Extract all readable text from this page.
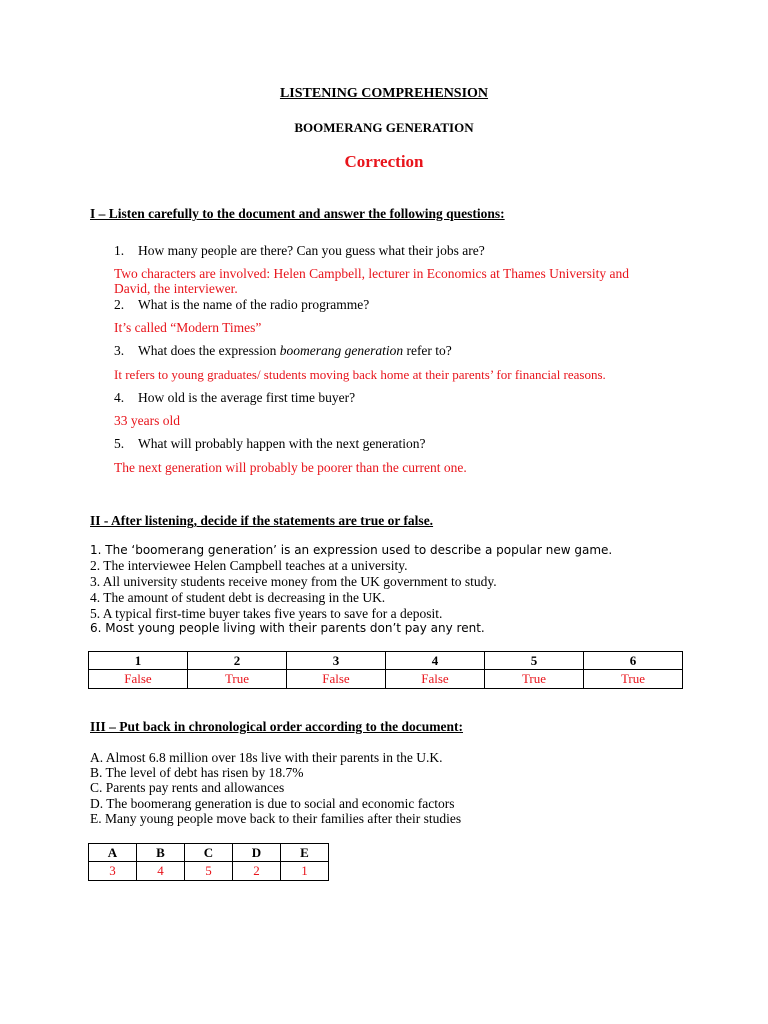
LISTENING COMPREHENSION
BOOMERANG GENERATION
Correction
I – Listen carefully to the document and answer the following questions:
1. How many people are there? Can you guess what their jobs are?
Two characters are involved: Helen Campbell, lecturer in Economics at Thames University and
David, the interviewer.
2. What is the name of the radio programme?
It’s called “Modern Times”
3. What does the expression boomerang generation refer to?
It refers to young graduates/ students moving back home at their parents’ for financial reasons.
4. How old is the average first time buyer?
33 years old
5. What will probably happen with the next generation?
The next generation will probably be poorer than the current one.
II - After listening, decide if the statements are true or false.
1. The ‘boomerang generation’ is an expression used to describe a popular new game.
2. The interviewee Helen Campbell teaches at a university.
3. All university students receive money from the UK government to study.
4. The amount of student debt is decreasing in the UK.
5. A typical first-time buyer takes five years to save for a deposit.
6. Most young people living with their parents don’t pay any rent.
1	2	3	4	5	6
False	True	False	False	True	True
III – Put back in chronological order according to the document:
A. Almost 6.8 million over 18s live with their parents in the U.K.
B. The level of debt has risen by 18.7%
C. Parents pay rents and allowances
D. The boomerang generation is due to social and economic factors
E. Many young people move back to their families after their studies
A	B	C	D	E
3	4	5	2	1
